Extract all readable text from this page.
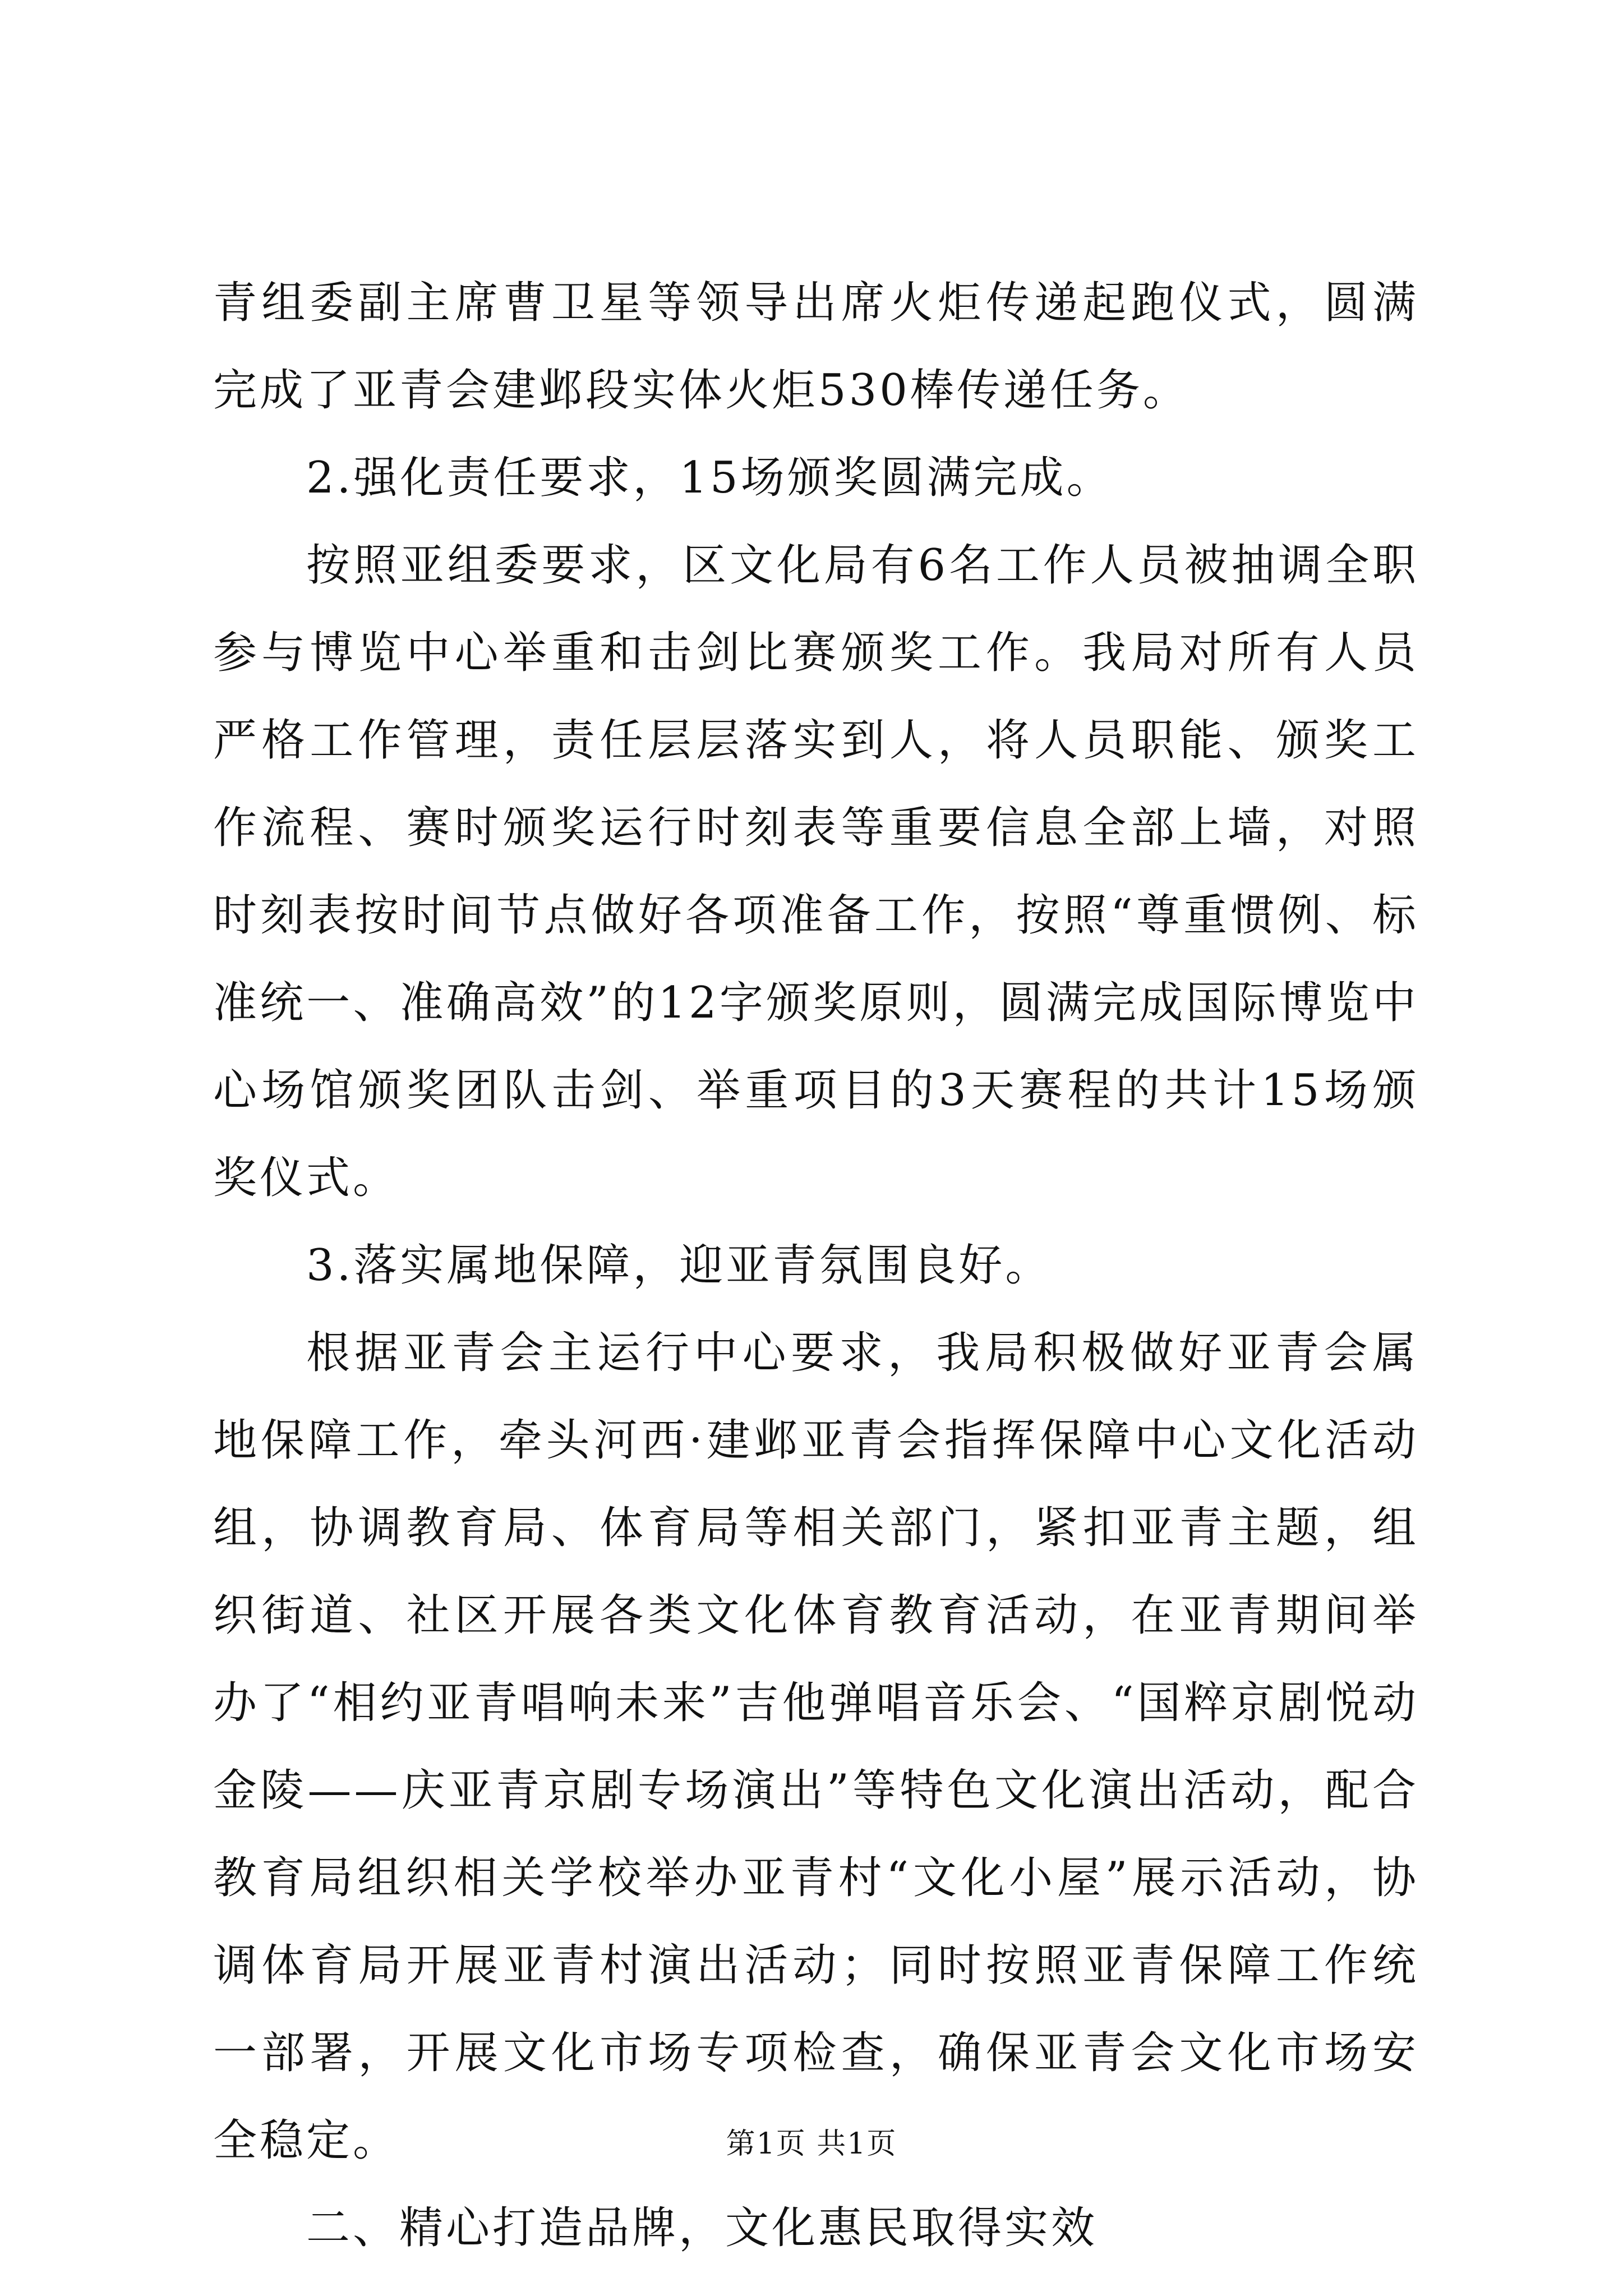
青组委副主席曹卫星等领导出席火炬传递起跑仪式，圆满完成了亚青会建邺段实体火炬530棒传递任务。

2.强化责任要求，15场颁奖圆满完成。

按照亚组委要求，区文化局有6名工作人员被抽调全职参与博览中心举重和击剑比赛颁奖工作。我局对所有人员严格工作管理，责任层层落实到人，将人员职能、颁奖工作流程、赛时颁奖运行时刻表等重要信息全部上墙，对照时刻表按时间节点做好各项准备工作，按照“尊重惯例、标准统一、准确高效”的12字颁奖原则，圆满完成国际博览中心场馆颁奖团队击剑、举重项目的3天赛程的共计15场颁奖仪式。

3.落实属地保障，迎亚青氛围良好。

根据亚青会主运行中心要求，我局积极做好亚青会属地保障工作，牵头河西·建邺亚青会指挥保障中心文化活动组，协调教育局、体育局等相关部门，紧扣亚青主题，组织街道、社区开展各类文化体育教育活动，在亚青期间举办了“相约亚青唱响未来”吉他弹唱音乐会、“国粹京剧悦动金陵——庆亚青京剧专场演出”等特色文化演出活动，配合教育局组织相关学校举办亚青村“文化小屋”展示活动，协调体育局开展亚青村演出活动；同时按照亚青保障工作统一部署，开展文化市场专项检查，确保亚青会文化市场安全稳定。

二、精心打造品牌，文化惠民取得实效

第1页 共1页
